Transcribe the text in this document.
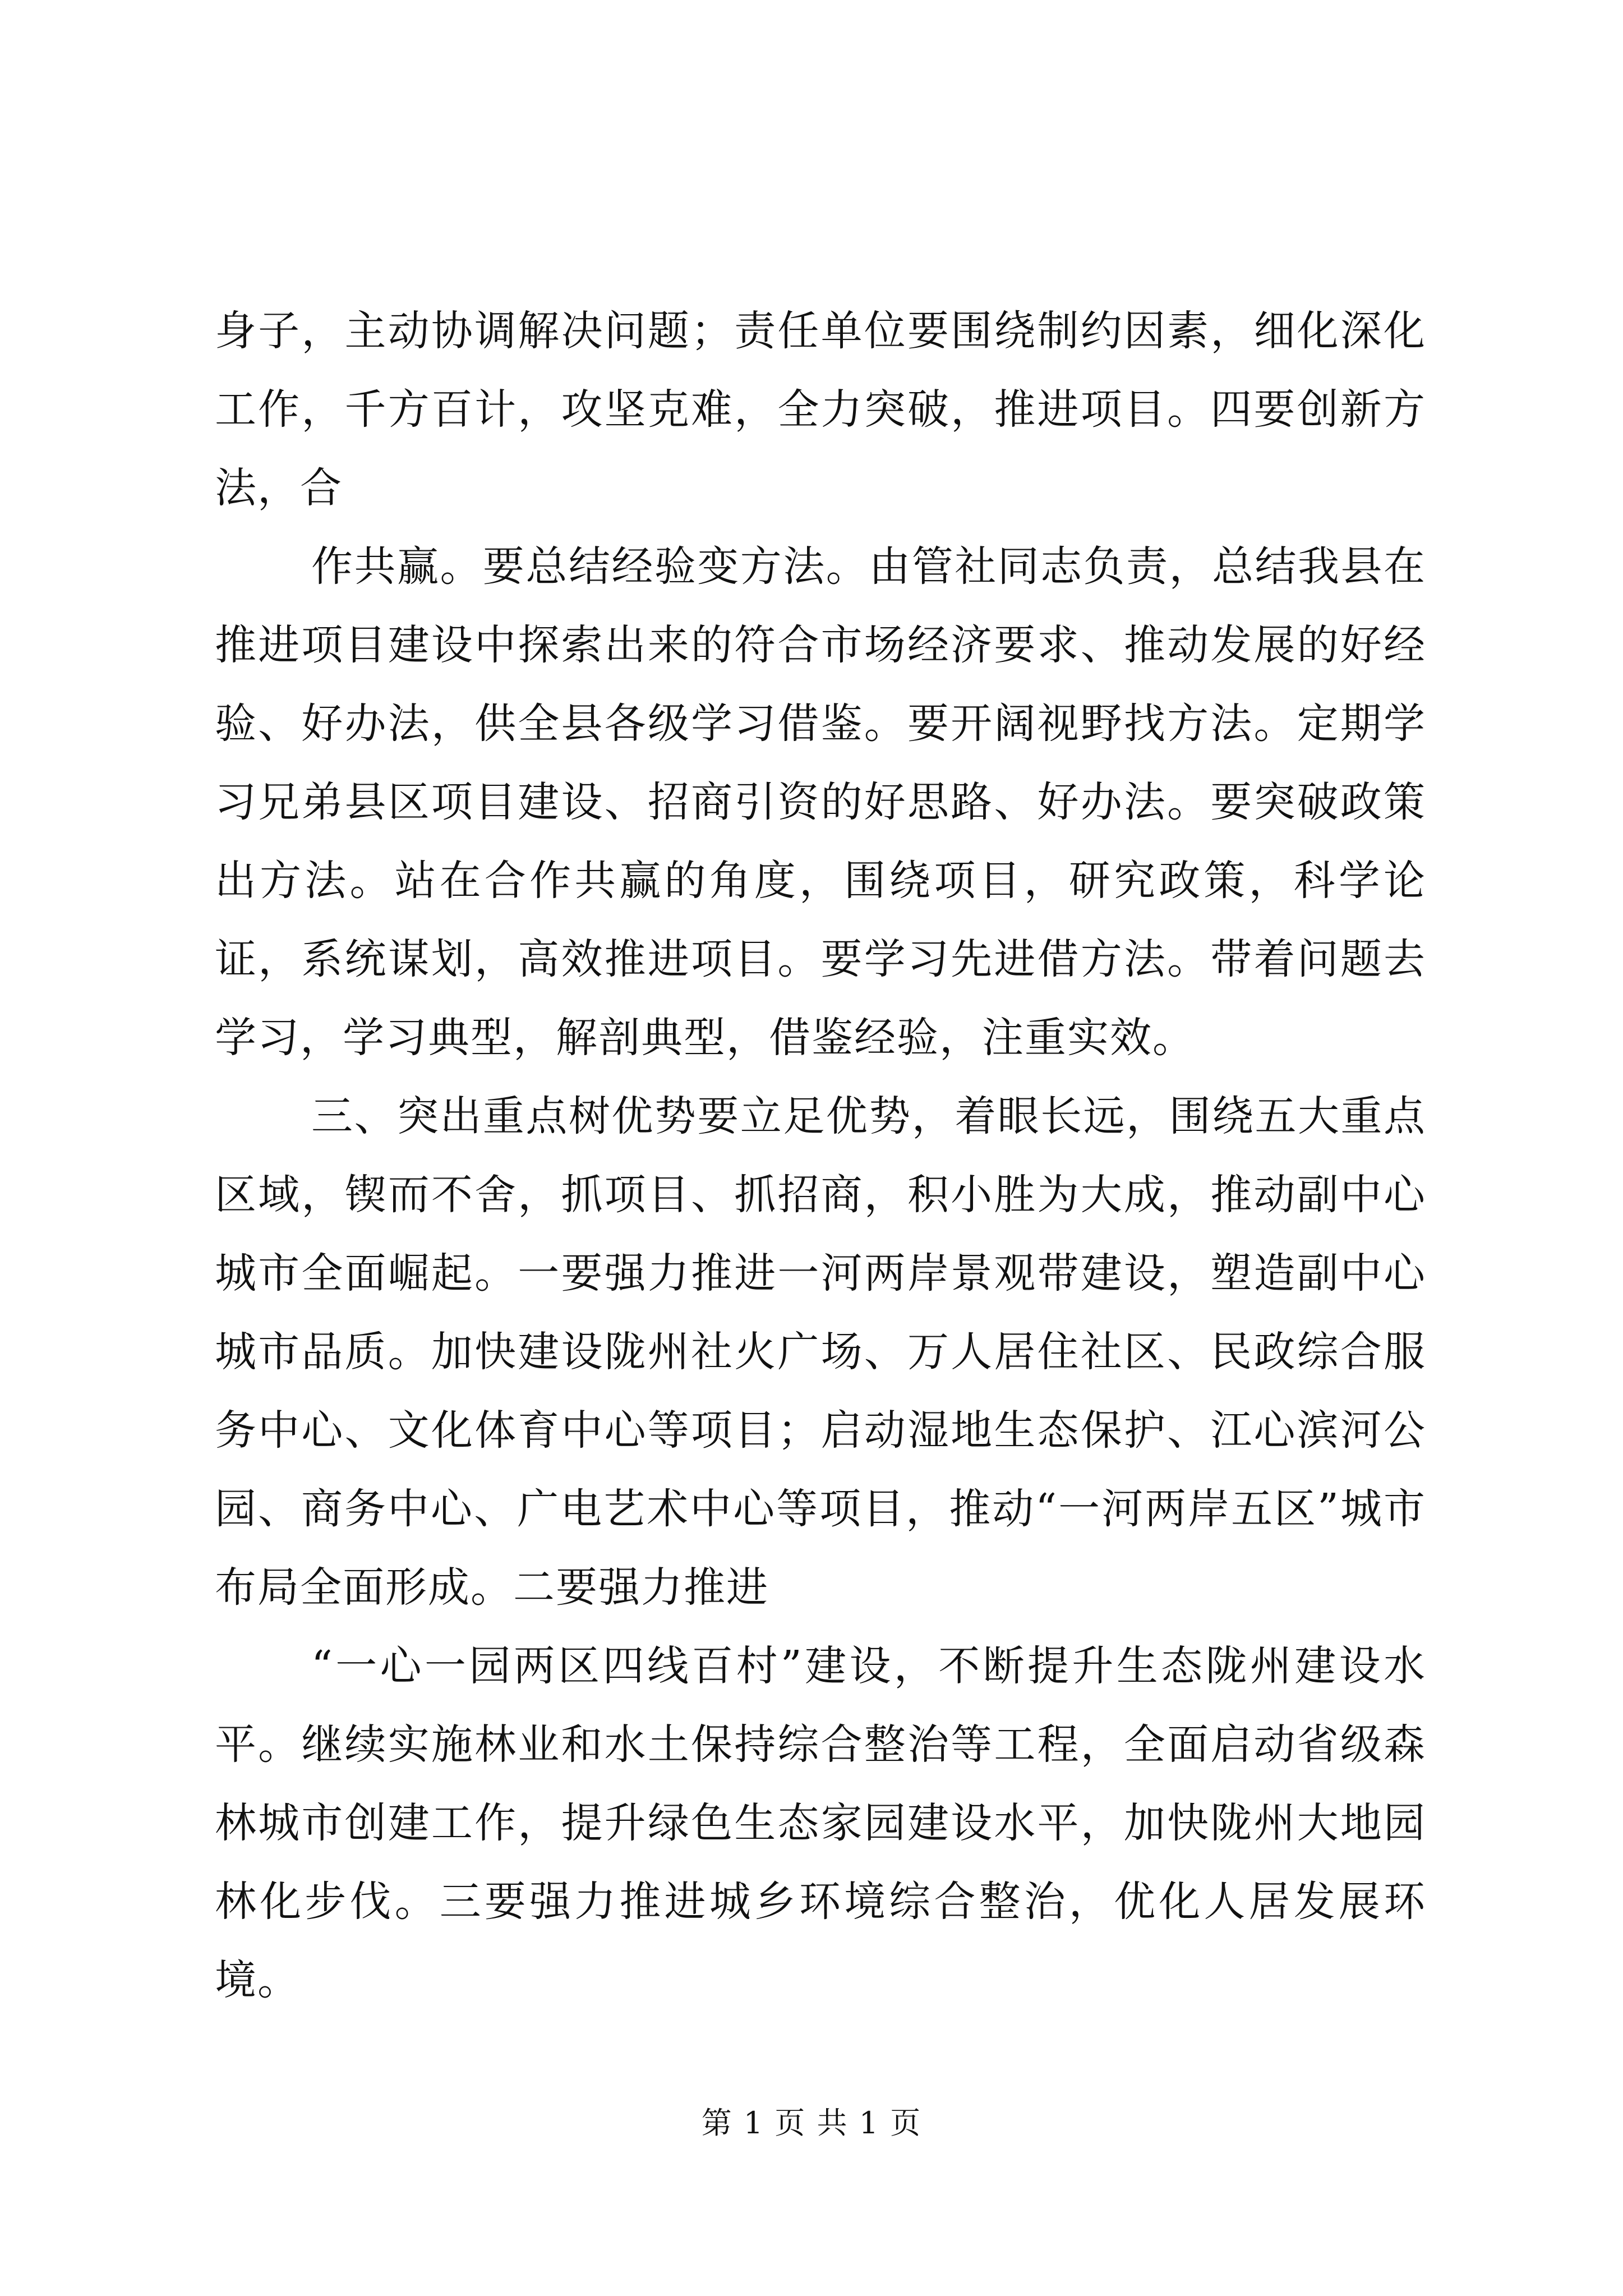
身子，主动协调解决问题；责任单位要围绕制约因素，细化深化工作，千方百计，攻坚克难，全力突破，推进项目。四要创新方法，合

作共赢。要总结经验变方法。由管社同志负责，总结我县在推进项目建设中探索出来的符合市场经济要求、推动发展的好经验、好办法，供全县各级学习借鉴。要开阔视野找方法。定期学习兄弟县区项目建设、招商引资的好思路、好办法。要突破政策出方法。站在合作共赢的角度，围绕项目，研究政策，科学论证，系统谋划，高效推进项目。要学习先进借方法。带着问题去学习，学习典型，解剖典型，借鉴经验，注重实效。

三、突出重点树优势要立足优势，着眼长远，围绕五大重点区域，锲而不舍，抓项目、抓招商，积小胜为大成，推动副中心城市全面崛起。一要强力推进一河两岸景观带建设，塑造副中心城市品质。加快建设陇州社火广场、万人居住社区、民政综合服务中心、文化体育中心等项目；启动湿地生态保护、江心滨河公园、商务中心、广电艺术中心等项目，推动“一河两岸五区”城市布局全面形成。二要强力推进

“一心一园两区四线百村”建设，不断提升生态陇州建设水平。继续实施林业和水土保持综合整治等工程，全面启动省级森林城市创建工作，提升绿色生态家园建设水平，加快陇州大地园林化步伐。三要强力推进城乡环境综合整治，优化人居发展环境。

第 1 页 共 1 页
